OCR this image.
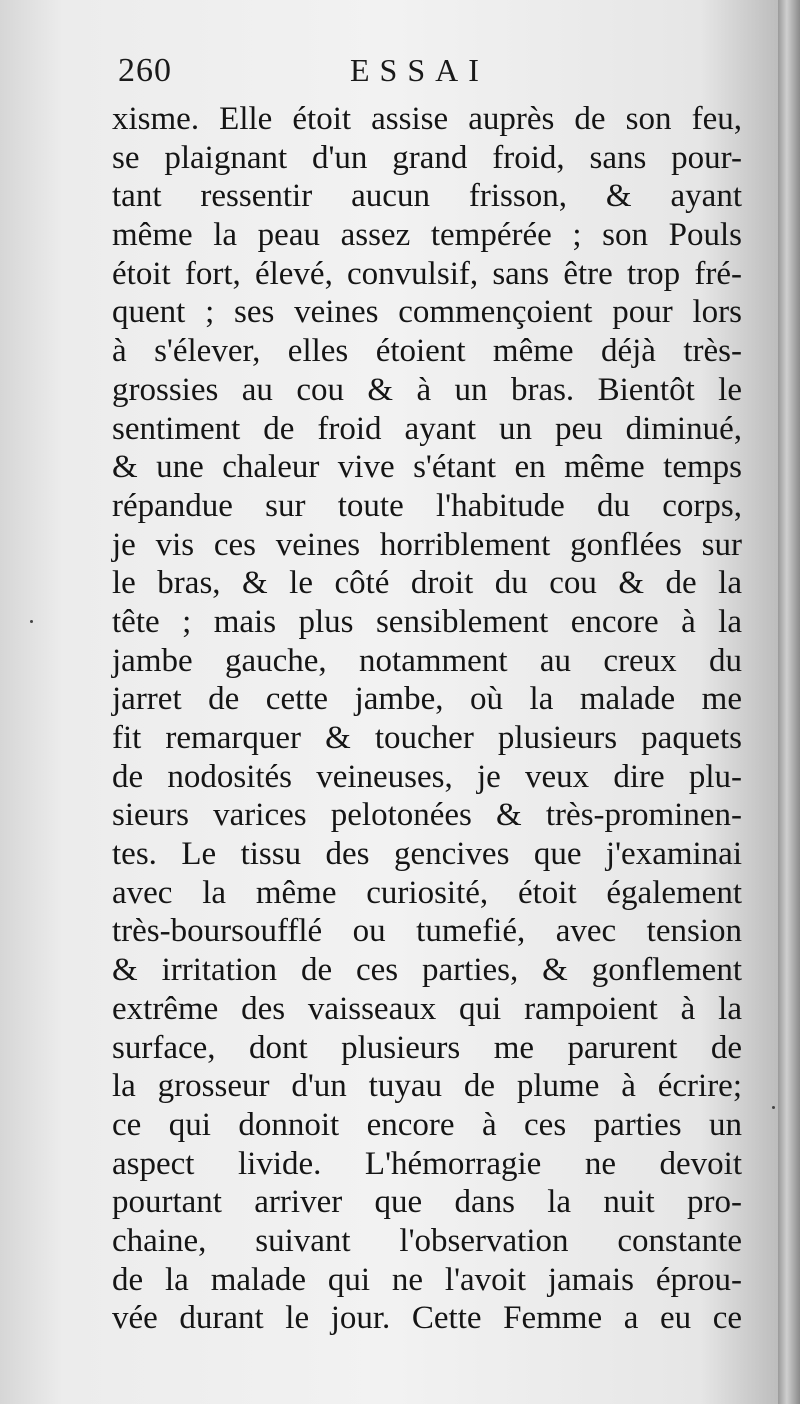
260	ESSAI
xisme. Elle étoit assise auprès de son feu,
se plaignant d'un grand froid, sans pour-
tant ressentir aucun frisson, & ayant
même la peau assez tempérée ; son Pouls
étoit fort, élevé, convulsif, sans être trop fré-
quent ; ses veines commençoient pour lors
à s'élever, elles étoient même déjà très-
grossies au cou & à un bras. Bientôt le
sentiment de froid ayant un peu diminué,
& une chaleur vive s'étant en même temps
répandue sur toute l'habitude du corps,
je vis ces veines horriblement gonflées sur
le bras, & le côté droit du cou & de la
tête ; mais plus sensiblement encore à la
jambe gauche, notamment au creux du
jarret de cette jambe, où la malade me
fit remarquer & toucher plusieurs paquets
de nodosités veineuses, je veux dire plu-
sieurs varices pelotonées & très-prominen-
tes. Le tissu des gencives que j'examinai
avec la même curiosité, étoit également
très-boursoufflé ou tumefié, avec tension
& irritation de ces parties, & gonflement
extrême des vaisseaux qui rampoient à la
surface, dont plusieurs me parurent de
la grosseur d'un tuyau de plume à écrire;
ce qui donnoit encore à ces parties un
aspect livide. L'hémorragie ne devoit
pourtant arriver que dans la nuit pro-
chaine, suivant l'observation constante
de la malade qui ne l'avoit jamais éprou-
vée durant le jour. Cette Femme a eu ce
